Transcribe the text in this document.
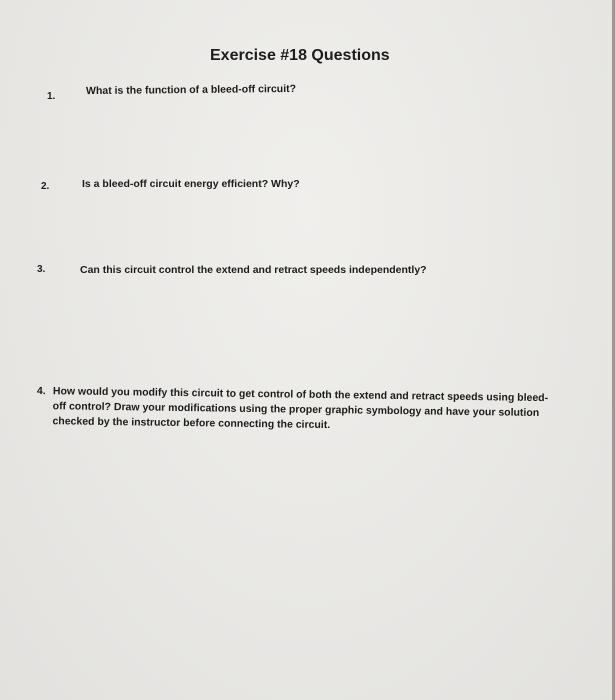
Exercise #18 Questions
1.	What is the function of a bleed-off circuit?
2.	Is a bleed-off circuit energy efficient? Why?
3.	Can this circuit control the extend and retract speeds independently?
4. How would you modify this circuit to get control of both the extend and retract speeds using bleed-
off control? Draw your modifications using the proper graphic symbology and have your solution
checked by the instructor before connecting the circuit.
